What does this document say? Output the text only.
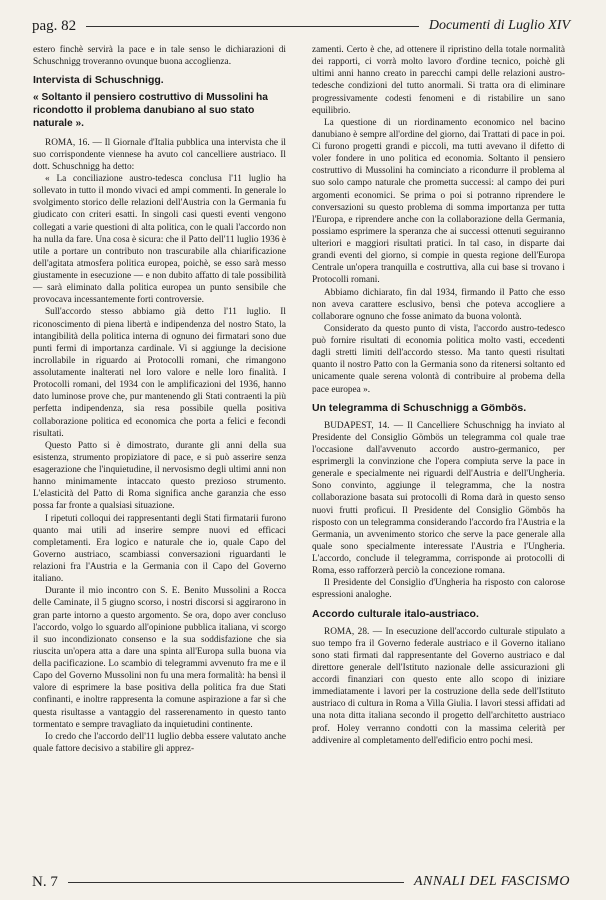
pag. 82	Documenti di Luglio XIV

estero finchè servirà la pace e in tale senso le dichiarazioni di Schuschnigg troveranno ovunque buona accoglienza.

Intervista di Schuschnigg.
« Soltanto il pensiero costruttivo di Mussolini ha ricondotto il problema danubiano al suo stato naturale ».

ROMA, 16. — Il Giornale d'Italia pubblica una intervista che il suo corrispondente viennese ha avuto col cancelliere austriaco. Il dott. Schuschnigg ha detto:

« La conciliazione austro-tedesca conclusa l'11 luglio ha sollevato in tutto il mondo vivaci ed ampi commenti. In generale lo svolgimento storico delle relazioni dell'Austria con la Germania fu giudicato con criteri esatti. In singoli casi questi eventi vengono collegati a varie questioni di alta politica, con le quali l'accordo non ha nulla da fare. Una cosa è sicura: che il Patto dell'11 luglio 1936 è utile a portare un contributo non trascurabile alla chiarificazione dell'agitata atmosfera politica europea, poichè, se esso sarà messo giustamente in esecuzione — e non dubito affatto di tale possibilità — sarà eliminato dalla politica europea un punto sensibile che provocava incessantemente forti controversie.

Sull'accordo stesso abbiamo già detto l'11 luglio. Il riconoscimento di piena libertà e indipendenza del nostro Stato, la intangibilità della politica interna di ognuno dei firmatari sono due punti fermi di importanza cardinale. Vi si aggiunge la decisione incrollabile in riguardo ai Protocolli romani, che rimangono assolutamente inalterati nel loro valore e nelle loro finalità. I Protocolli romani, del 1934 con le amplificazioni del 1936, hanno dato luminose prove che, pur mantenendo gli Stati contraenti la più perfetta indipendenza, sia resa possibile quella positiva collaborazione politica ed economica che porta a felici e fecondi risultati.

Questo Patto si è dimostrato, durante gli anni della sua esistenza, strumento propiziatore di pace, e si può asserire senza esagerazione che l'inquietudine, il nervosismo degli ultimi anni non hanno minimamente intaccato questo prezioso strumento. L'elasticità del Patto di Roma significa anche garanzia che esso possa far fronte a qualsiasi situazione.

I ripetuti colloqui dei rappresentanti degli Stati firmatarii furono quanto mai utili ad inserire sempre nuovi ed efficaci completamenti. Era logico e naturale che io, quale Capo del Governo austriaco, scambiassi conversazioni riguardanti le relazioni fra l'Austria e la Germania con il Capo del Governo italiano.

Durante il mio incontro con S. E. Benito Mussolini a Rocca delle Caminate, il 5 giugno scorso, i nostri discorsi si aggirarono in gran parte intorno a questo argomento. Se ora, dopo aver concluso l'accordo, volgo lo sguardo all'opinione pubblica italiana, vi scorgo il suo incondizionato consenso e la sua soddisfazione che sia riuscita un'opera atta a dare una spinta all'Europa sulla buona via della pacificazione. Lo scambio di telegrammi avvenuto fra me e il Capo del Governo Mussolini non fu una mera formalità: ha bensì il valore di esprimere la base positiva della politica fra due Stati confinanti, e inoltre rappresenta la comune aspirazione a far sì che questa risultasse a vantaggio del rasserenamento in questo tanto tormentato e sempre travagliato da inquietudini continente.

Io credo che l'accordo dell'11 luglio debba essere valutato anche quale fattore decisivo a stabilire gli apprez-

zamenti. Certo è che, ad ottenere il ripristino della totale normalità dei rapporti, ci vorrà molto lavoro d'ordine tecnico, poichè gli ultimi anni hanno creato in parecchi campi delle relazioni austro-tedesche condizioni del tutto anormali. Si tratta ora di eliminare progressivamente codesti fenomeni e di ristabilire un sano equilibrio.

La questione di un riordinamento economico nel bacino danubiano è sempre all'ordine del giorno, dai Trattati di pace in poi. Ci furono progetti grandi e piccoli, ma tutti avevano il difetto di voler fondere in uno politica ed economia. Soltanto il pensiero costruttivo di Mussolini ha cominciato a ricondurre il problema al suo solo campo naturale che prometta successi: al campo dei puri argomenti economici. Se prima o poi si potranno riprendere le conversazioni su questo problema di somma importanza per tutta l'Europa, e riprendere anche con la collaborazione della Germania, possiamo esprimere la speranza che ai successi ottenuti seguiranno ulteriori e maggiori risultati pratici. In tal caso, in disparte dai grandi eventi del giorno, si compie in questa regione dell'Europa Centrale un'opera tranquilla e costruttiva, alla cui base si trovano i Protocolli romani.

Abbiamo dichiarato, fin dal 1934, firmando il Patto che esso non aveva carattere esclusivo, bensì che poteva accogliere a collaborare ognuno che fosse animato da buona volontà.

Considerato da questo punto di vista, l'accordo austro-tedesco può fornire risultati di economia politica molto vasti, eccedenti dagli stretti limiti dell'accordo stesso. Ma tanto questi risultati quanto il nostro Patto con la Germania sono da ritenersi soltanto ed unicamente quale serena volontà di contribuire al probema della pace europea ».

Un telegramma di Schuschnigg a Gömbös.

BUDAPEST, 14. — Il Cancelliere Schuschnigg ha inviato al Presidente del Consiglio Gömbös un telegramma col quale trae l'occasione dall'avvenuto accordo austro-germanico, per esprimergli la convinzione che l'opera compiuta serve la pace in generale e specialmente nei riguardi dell'Austria e dell'Ungheria. Sono convinto, aggiunge il telegramma, che la nostra collaborazione basata sui protocolli di Roma darà in questo senso nuovi frutti proficui. Il Presidente del Consiglio Gömbös ha risposto con un telegramma considerando l'accordo fra l'Austria e la Germania, un avvenimento storico che serve la pace generale alla quale sono specialmente interessate l'Austria e l'Ungheria. L'accordo, conclude il telegramma, corrisponde ai protocolli di Roma, esso rafforzerà perciò la concezione romana.

Il Presidente del Consiglio d'Ungheria ha risposto con calorose espressioni analoghe.

Accordo culturale italo-austriaco.

ROMA, 28. — In esecuzione dell'accordo culturale stipulato a suo tempo fra il Governo federale austriaco e il Governo italiano sono stati firmati dal rappresentante del Governo austriaco e dal direttore generale dell'Istituto nazionale delle assicurazioni gli accordi finanziari con questo ente allo scopo di iniziare immediatamente i lavori per la costruzione della sede dell'Istituto austriaco di cultura in Roma a Villa Giulia. I lavori stessi affidati ad una nota ditta italiana secondo il progetto dell'architetto austriaco prof. Holey verranno condotti con la massima celerità per addivenire al completamento dell'edificio entro pochi mesi.

N. 7	ANNALI DEL FASCISMO
